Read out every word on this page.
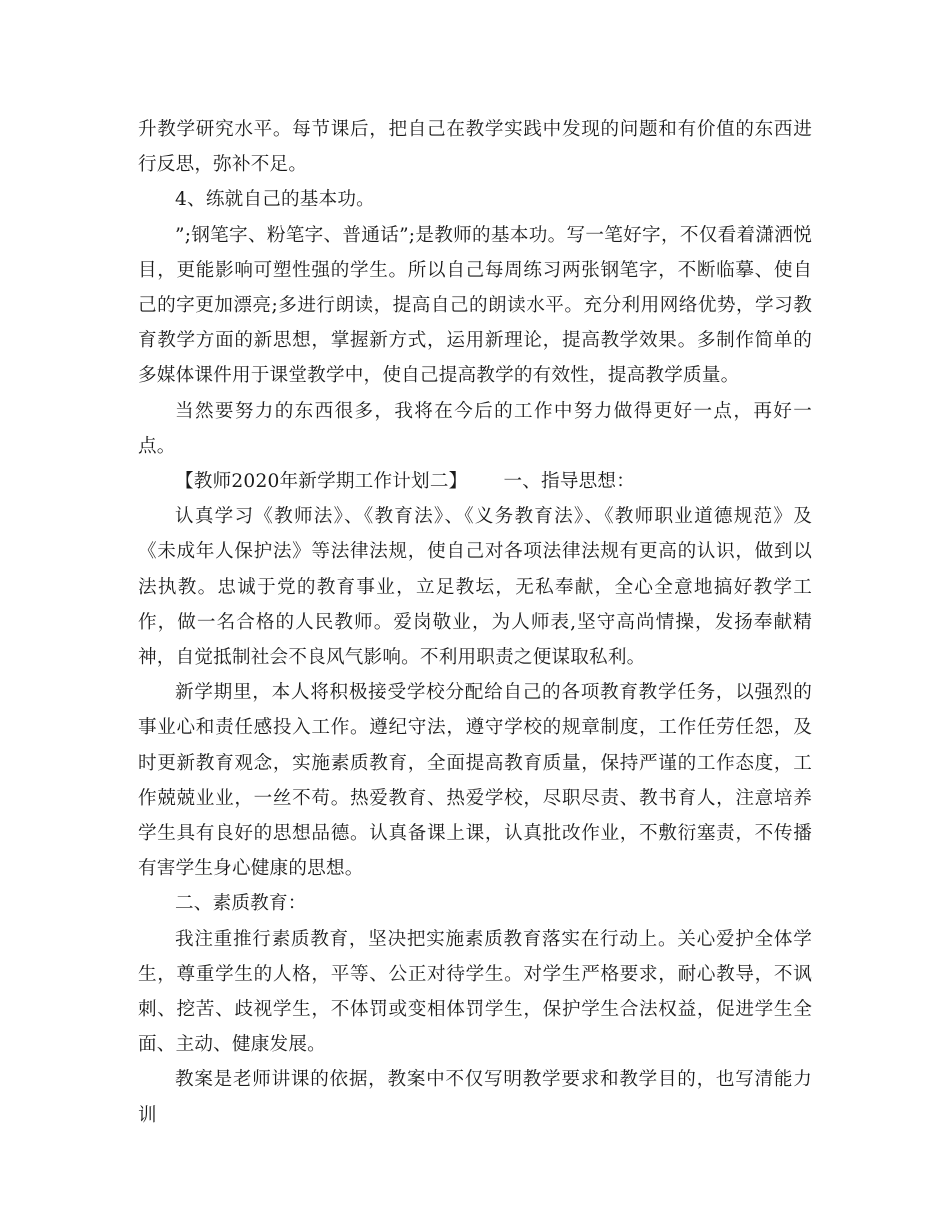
升教学研究水平。每节课后，把自己在教学实践中发现的问题和有价值的东西进行反思，弥补不足。

4、练就自己的基本功。

”;钢笔字、粉笔字、普通话”;是教师的基本功。写一笔好字，不仅看着潇洒悦目，更能影响可塑性强的学生。所以自己每周练习两张钢笔字，不断临摹、使自己的字更加漂亮;多进行朗读，提高自己的朗读水平。充分利用网络优势，学习教育教学方面的新思想，掌握新方式，运用新理论，提高教学效果。多制作简单的多媒体课件用于课堂教学中，使自己提高教学的有效性，提高教学质量。

当然要努力的东西很多，我将在今后的工作中努力做得更好一点，再好一点。

【教师2020年新学期工作计划二】 一、指导思想：

认真学习《教师法》、《教育法》、《义务教育法》、《教师职业道德规范》及《未成年人保护法》等法律法规，使自己对各项法律法规有更高的认识，做到以法执教。忠诚于党的教育事业，立足教坛，无私奉献，全心全意地搞好教学工作，做一名合格的人民教师。爱岗敬业，为人师表,坚守高尚情操，发扬奉献精神，自觉抵制社会不良风气影响。不利用职责之便谋取私利。

新学期里，本人将积极接受学校分配给自己的各项教育教学任务，以强烈的事业心和责任感投入工作。遵纪守法，遵守学校的规章制度，工作任劳任怨，及时更新教育观念，实施素质教育，全面提高教育质量，保持严谨的工作态度，工作兢兢业业，一丝不苟。热爱教育、热爱学校，尽职尽责、教书育人，注意培养学生具有良好的思想品德。认真备课上课，认真批改作业，不敷衍塞责，不传播有害学生身心健康的思想。

二、素质教育：

我注重推行素质教育，坚决把实施素质教育落实在行动上。关心爱护全体学生，尊重学生的人格，平等、公正对待学生。对学生严格要求，耐心教导，不讽刺、挖苦、歧视学生，不体罚或变相体罚学生，保护学生合法权益，促进学生全面、主动、健康发展。

教案是老师讲课的依据，教案中不仅写明教学要求和教学目的，也写清能力训
